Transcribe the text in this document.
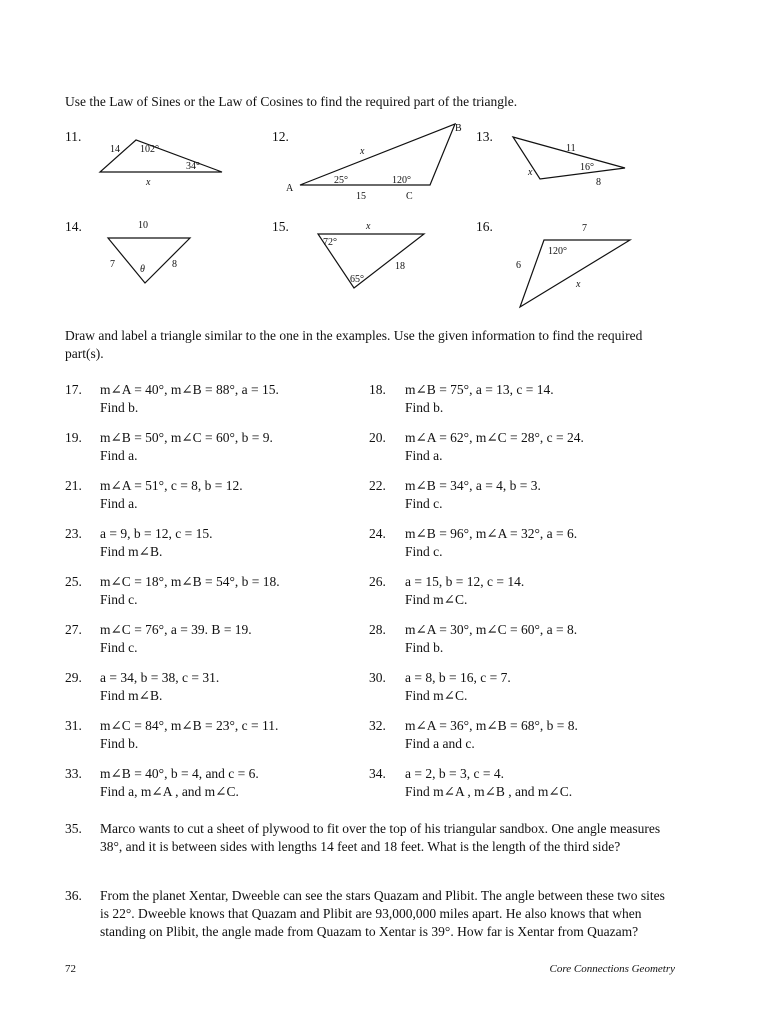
Use the Law of Sines or the Law of Cosines to find the required part of the triangle.
11.	12.	13.
14.	15.	16.
14 102°
34°
x
B
x
A
25°	120°
15	C
11
x	16°
8
10
7	θ	8
x
72°
18
65°
7
120°
6
x
Draw and label a triangle similar to the one in the examples. Use the given information to find the required part(s).
17. m∠A = 40°, m∠B = 88°, a = 15.
Find b.
18. m∠B = 75°, a = 13, c = 14.
Find b.
19. m∠B = 50°, m∠C = 60°, b = 9.
Find a.
20. m∠A = 62°, m∠C = 28°, c = 24.
Find a.
21. m∠A = 51°, c = 8, b = 12.
Find a.
22. m∠B = 34°, a = 4, b = 3.
Find c.
23. a = 9, b = 12, c = 15.
Find m∠B.
24. m∠B = 96°, m∠A = 32°, a = 6.
Find c.
25. m∠C = 18°, m∠B = 54°, b = 18.
Find c.
26. a = 15, b = 12, c = 14.
Find m∠C.
27. m∠C = 76°, a = 39. B = 19.
Find c.
28. m∠A = 30°, m∠C = 60°, a = 8.
Find b.
29. a = 34, b = 38, c = 31.
Find m∠B.
30. a = 8, b = 16, c = 7.
Find m∠C.
31. m∠C = 84°, m∠B = 23°, c = 11.
Find b.
32. m∠A = 36°, m∠B = 68°, b = 8.
Find a and c.
33. m∠B = 40°, b = 4, and c = 6.
Find a, m∠A , and m∠C.
34. a = 2, b = 3, c = 4.
Find m∠A , m∠B , and m∠C.
35. Marco wants to cut a sheet of plywood to fit over the top of his triangular sandbox. One angle measures 38°, and it is between sides with lengths 14 feet and 18 feet. What is the length of the third side?
36. From the planet Xentar, Dweeble can see the stars Quazam and Plibit. The angle between these two sites is 22°. Dweeble knows that Quazam and Plibit are 93,000,000 miles apart. He also knows that when standing on Plibit, the angle made from Quazam to Xentar is 39°. How far is Xentar from Quazam?
72	Core Connections Geometry
